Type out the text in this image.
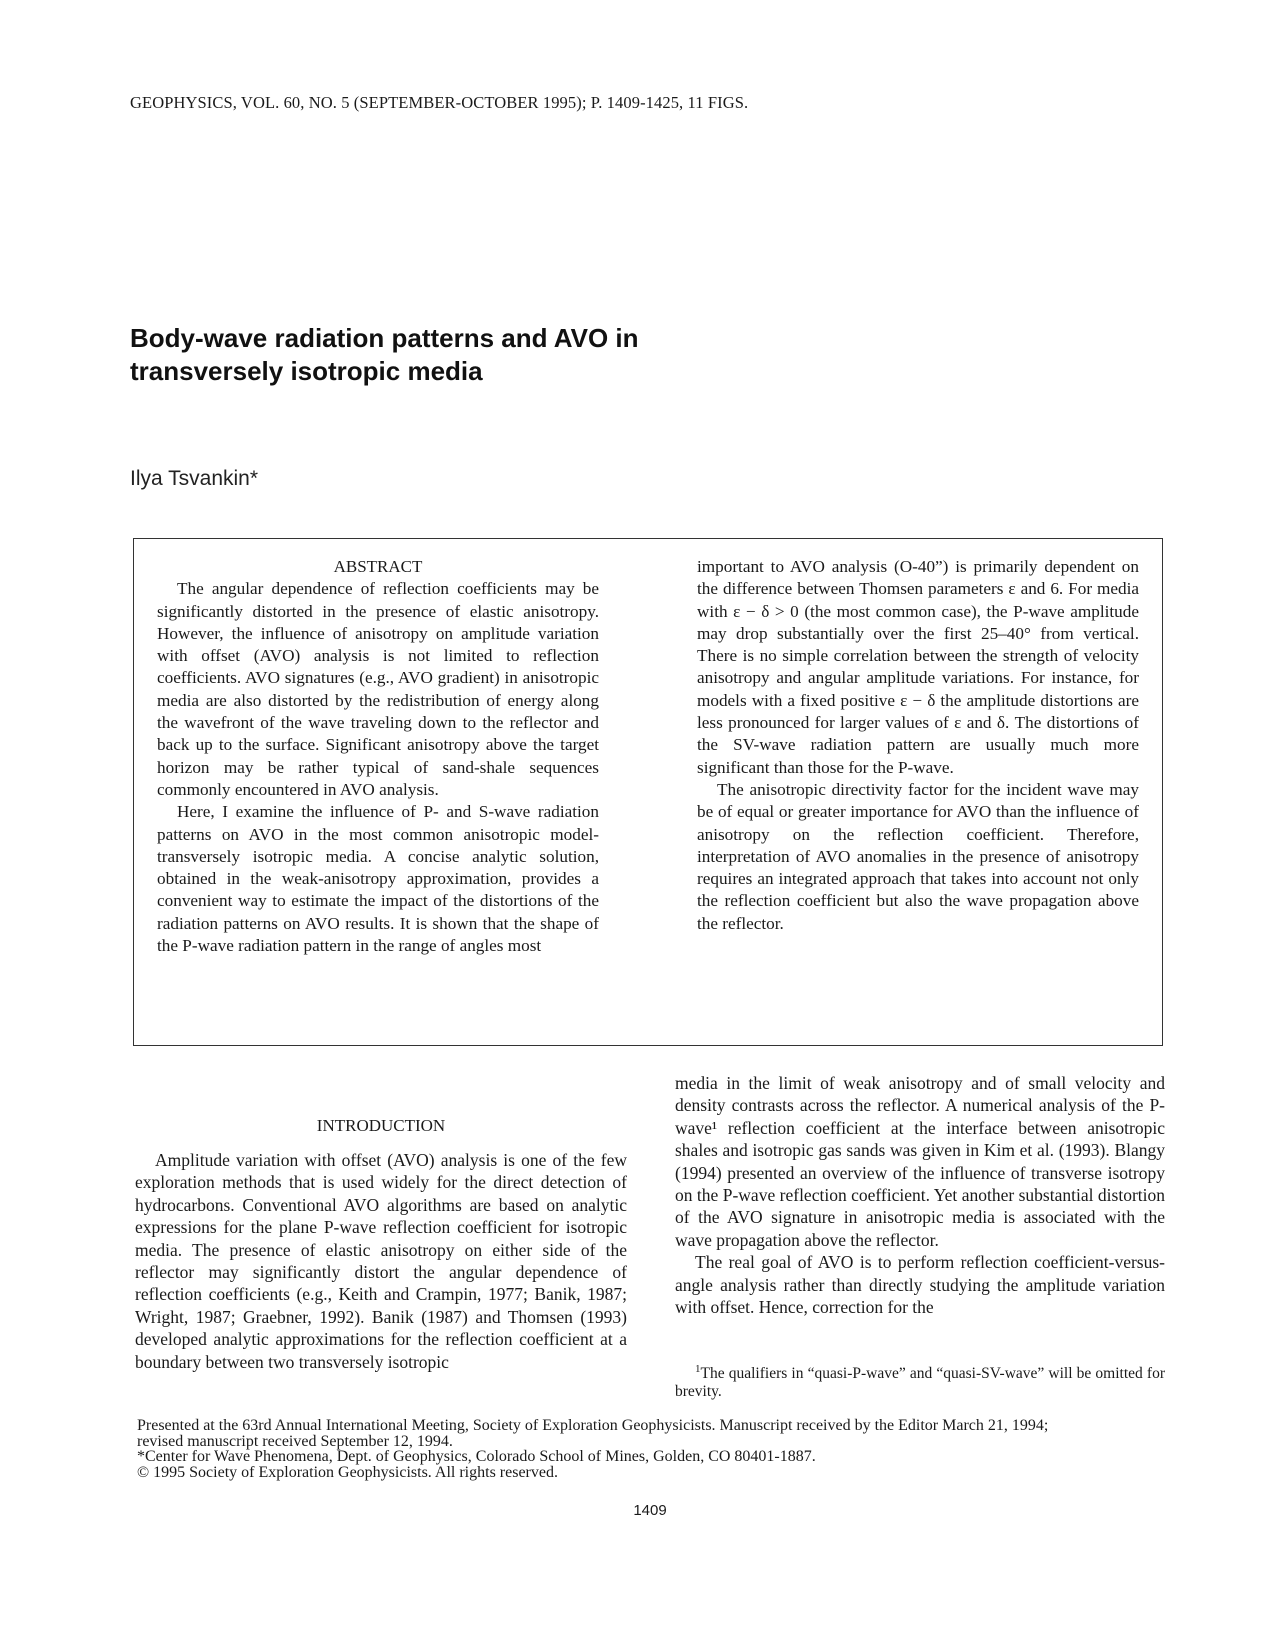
GEOPHYSICS, VOL. 60, NO. 5 (SEPTEMBER-OCTOBER 1995); P. 1409-1425, 11 FIGS.
Body-wave radiation patterns and AVO in
transversely isotropic media
Ilya Tsvankin*
ABSTRACT

The angular dependence of reflection coefficients may be significantly distorted in the presence of elastic anisotropy. However, the influence of anisotropy on amplitude variation with offset (AVO) analysis is not limited to reflection coefficients. AVO signatures (e.g., AVO gradient) in anisotropic media are also distorted by the redistribution of energy along the wavefront of the wave traveling down to the reflector and back up to the surface. Significant anisotropy above the target horizon may be rather typical of sand-shale sequences commonly encountered in AVO analysis.

Here, I examine the influence of P- and S-wave radiation patterns on AVO in the most common anisotropic model-transversely isotropic media. A concise analytic solution, obtained in the weak-anisotropy approximation, provides a convenient way to estimate the impact of the distortions of the radiation patterns on AVO results. It is shown that the shape of the P-wave radiation pattern in the range of angles most

important to AVO analysis (O-40”) is primarily dependent on the difference between Thomsen parameters ε and 6. For media with ε − δ > 0 (the most common case), the P-wave amplitude may drop substantially over the first 25–40° from vertical. There is no simple correlation between the strength of velocity anisotropy and angular amplitude variations. For instance, for models with a fixed positive ε − δ the amplitude distortions are less pronounced for larger values of ε and δ. The distortions of the SV-wave radiation pattern are usually much more significant than those for the P-wave.

The anisotropic directivity factor for the incident wave may be of equal or greater importance for AVO than the influence of anisotropy on the reflection coefficient. Therefore, interpretation of AVO anomalies in the presence of anisotropy requires an integrated approach that takes into account not only the reflection coefficient but also the wave propagation above the reflector.

INTRODUCTION

Amplitude variation with offset (AVO) analysis is one of the few exploration methods that is used widely for the direct detection of hydrocarbons. Conventional AVO algorithms are based on analytic expressions for the plane P-wave reflection coefficient for isotropic media. The presence of elastic anisotropy on either side of the reflector may significantly distort the angular dependence of reflection coefficients (e.g., Keith and Crampin, 1977; Banik, 1987; Wright, 1987; Graebner, 1992). Banik (1987) and Thomsen (1993) developed analytic approximations for the reflection coefficient at a boundary between two transversely isotropic

media in the limit of weak anisotropy and of small velocity and density contrasts across the reflector. A numerical analysis of the P-wave¹ reflection coefficient at the interface between anisotropic shales and isotropic gas sands was given in Kim et al. (1993). Blangy (1994) presented an overview of the influence of transverse isotropy on the P-wave reflection coefficient. Yet another substantial distortion of the AVO signature in anisotropic media is associated with the wave propagation above the reflector.

The real goal of AVO is to perform reflection coefficient-versus-angle analysis rather than directly studying the amplitude variation with offset. Hence, correction for the

$^1$The qualifiers in “quasi-P-wave” and “quasi-SV-wave” will be omitted for brevity.

Presented at the 63rd Annual International Meeting, Society of Exploration Geophysicists. Manuscript received by the Editor March 21, 1994;
revised manuscript received September 12, 1994.
*Center for Wave Phenomena, Dept. of Geophysics, Colorado School of Mines, Golden, CO 80401-1887.
© 1995 Society of Exploration Geophysicists. All rights reserved.
1409
